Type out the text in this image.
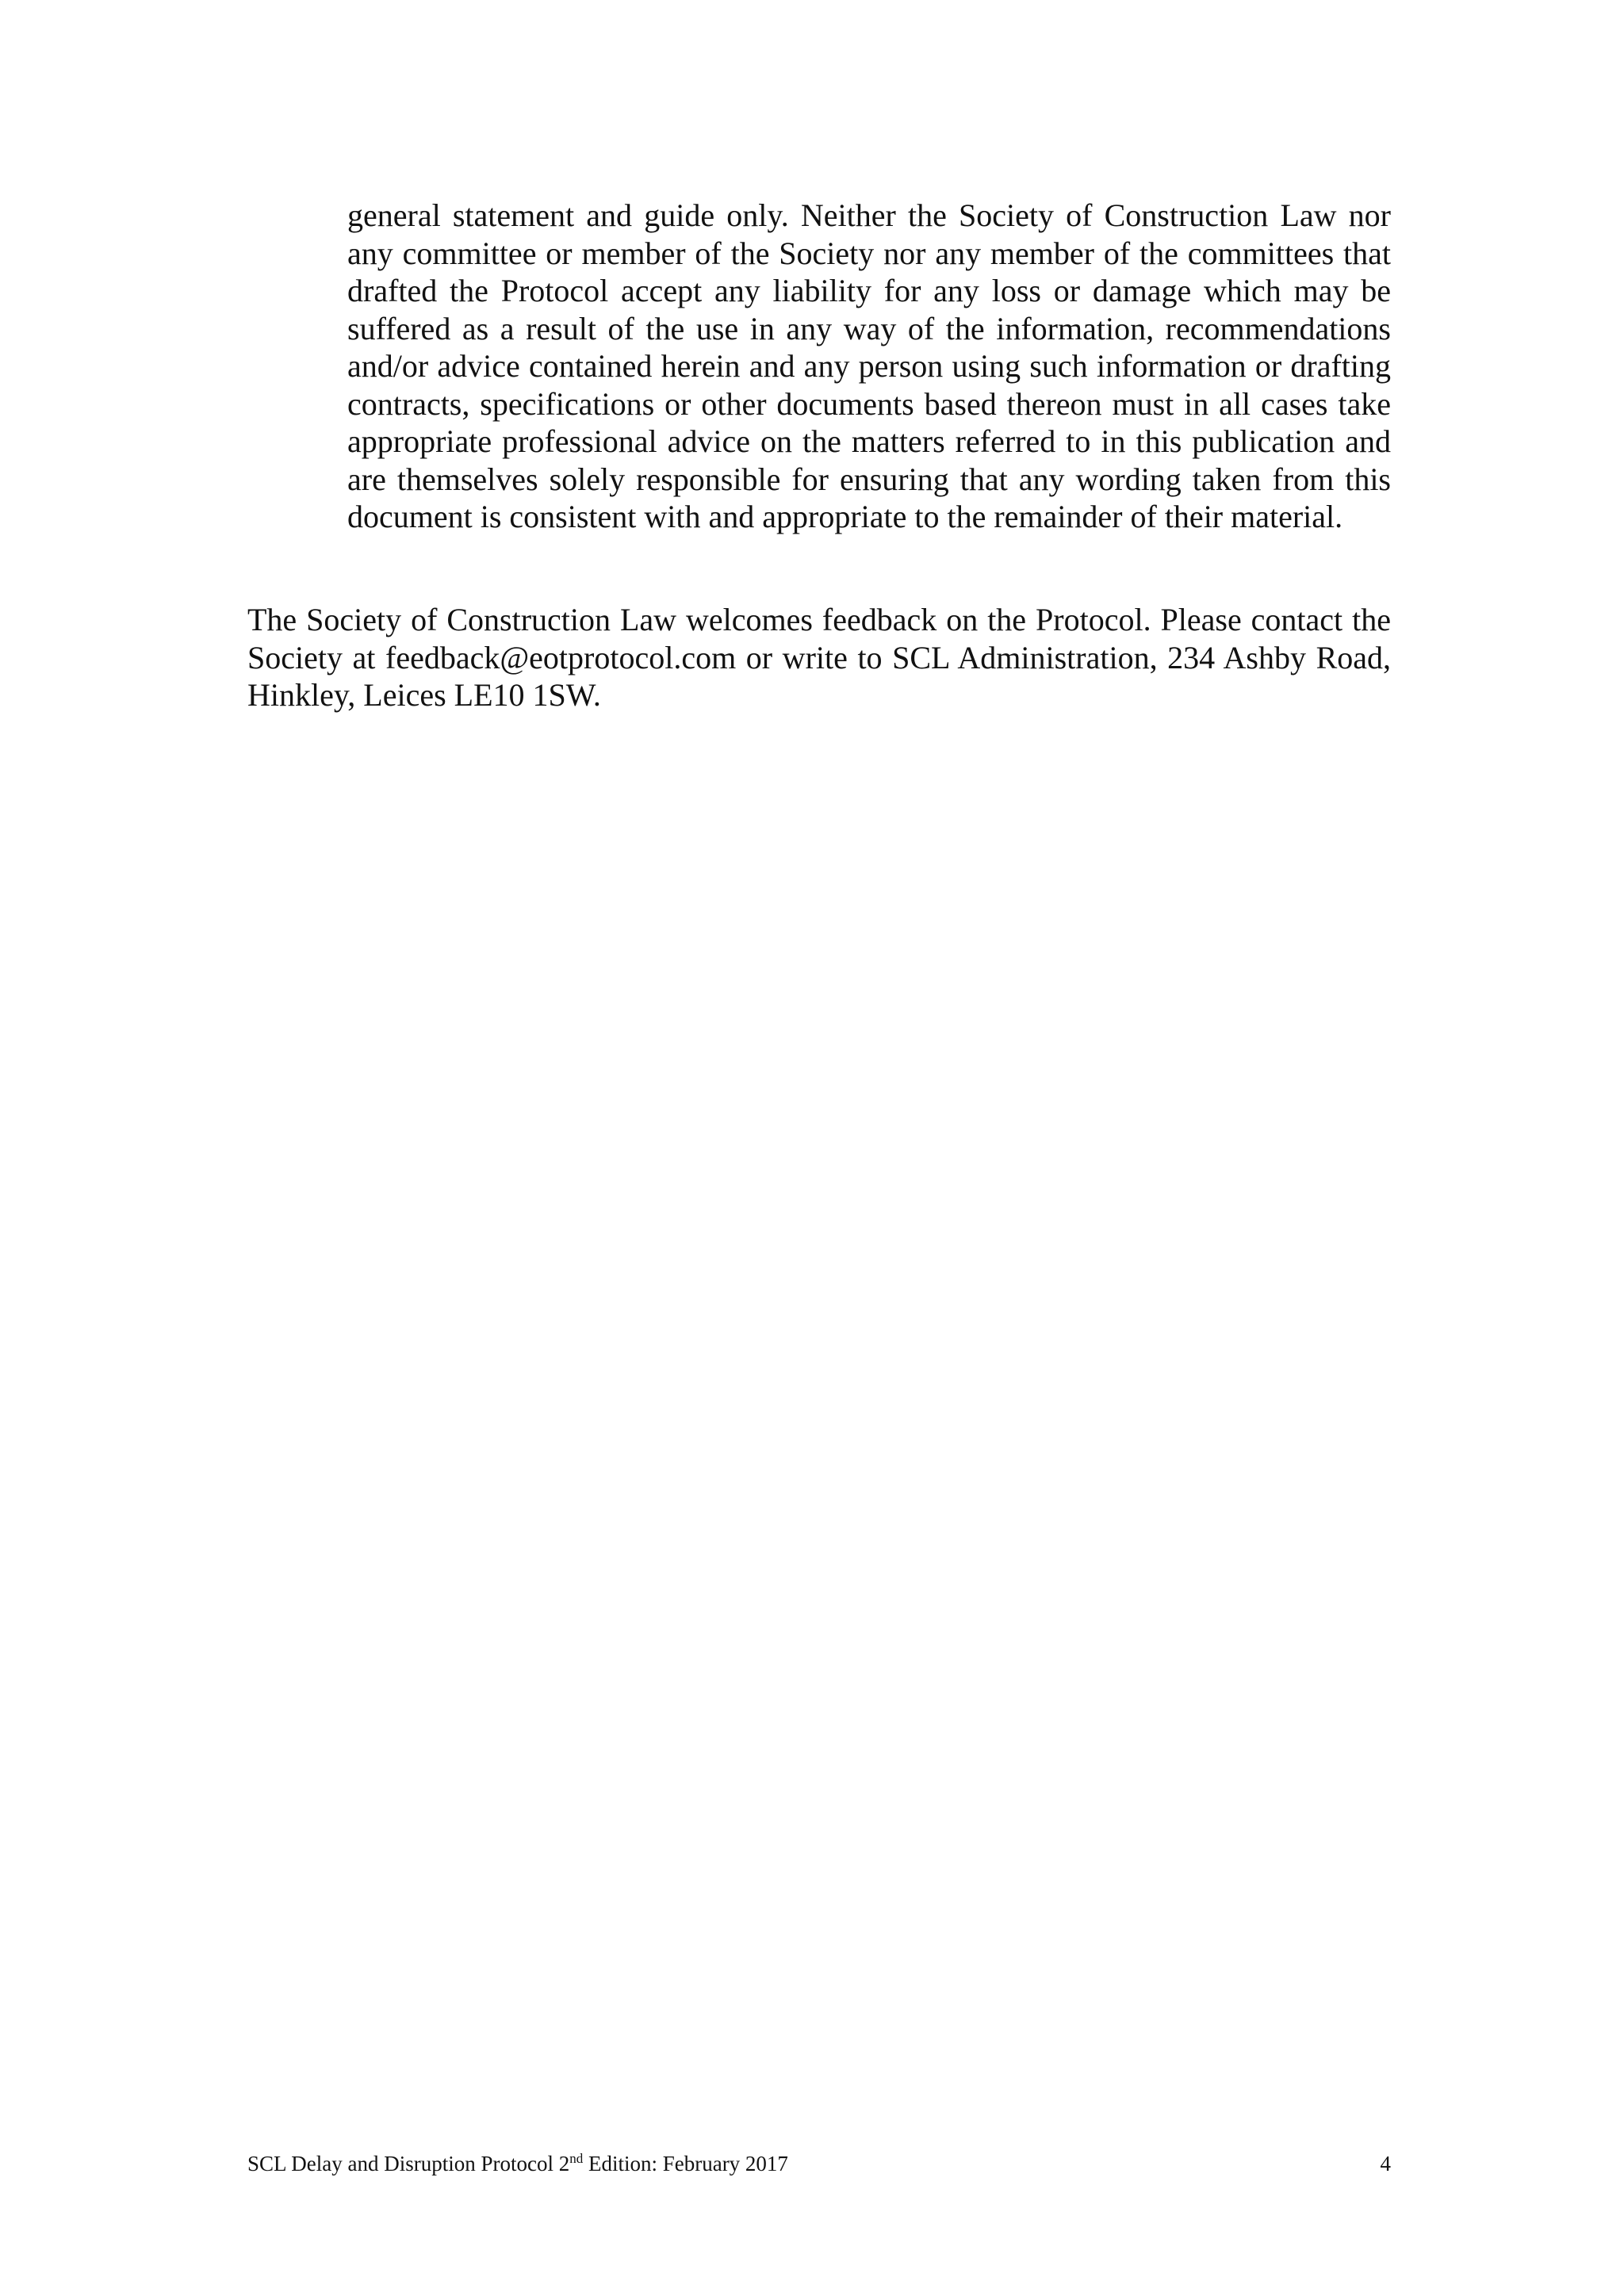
general statement and guide only. Neither the Society of Construction Law nor any committee or member of the Society nor any member of the committees that drafted the Protocol accept any liability for any loss or damage which may be suffered as a result of the use in any way of the information, recommendations and/or advice contained herein and any person using such information or drafting contracts, specifications or other documents based thereon must in all cases take appropriate professional advice on the matters referred to in this publication and are themselves solely responsible for ensuring that any wording taken from this document is consistent with and appropriate to the remainder of their material.

The Society of Construction Law welcomes feedback on the Protocol. Please contact the Society at feedback@eotprotocol.com or write to SCL Administration, 234 Ashby Road, Hinkley, Leices LE10 1SW.

SCL Delay and Disruption Protocol 2nd Edition: February 2017	4
